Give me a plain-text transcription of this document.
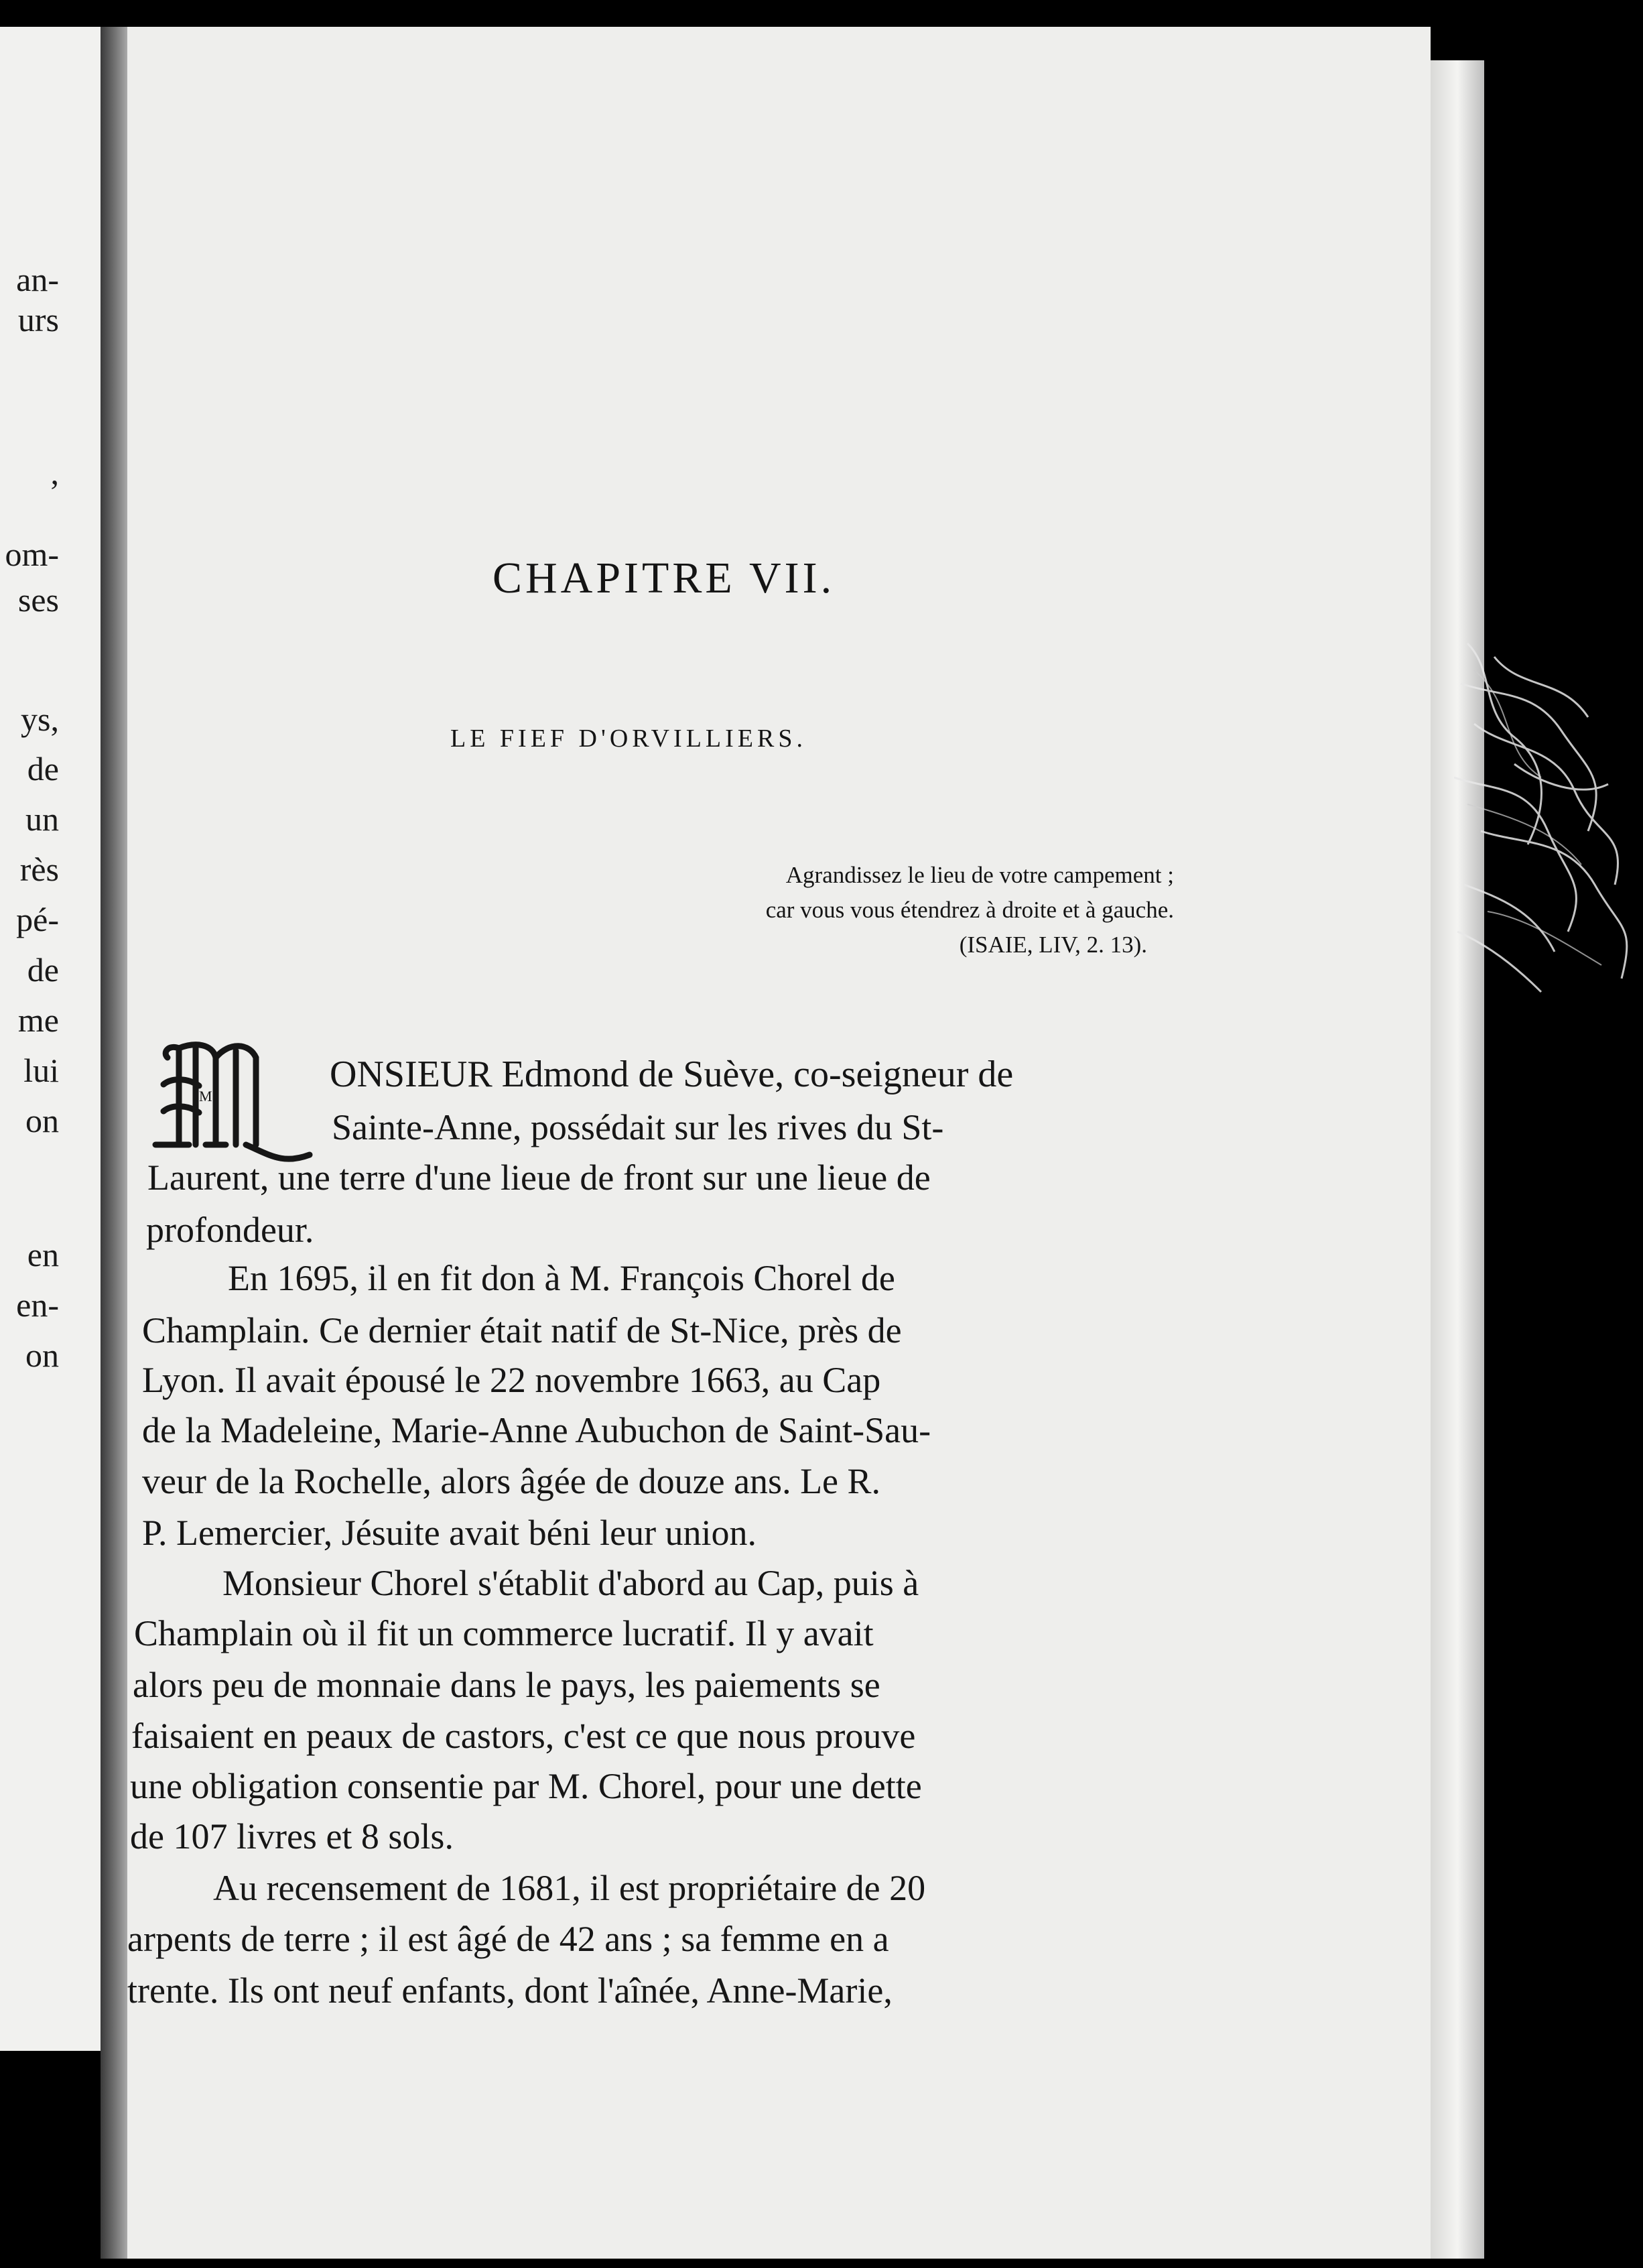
an-
urs
,
om-
ses
ys,
de
un
rès
pé-
de
me
lui
on
en
en-
on
CHAPITRE VII.
LE FIEF D'ORVILLIERS.
Agrandissez le lieu de votre campement ;
car vous vous étendrez à droite et à gauche.
(ISAIE, LIV, 2. 13).
M
ONSIEUR Edmond de Suève, co-seigneur de
Sainte-Anne, possédait sur les rives du St-
Laurent, une terre d'une lieue de front sur une lieue de
profondeur.
En 1695, il en fit don à M. François Chorel de
Champlain. Ce dernier était natif de St-Nice, près de
Lyon. Il avait épousé le 22 novembre 1663, au Cap
de la Madeleine, Marie-Anne Aubuchon de Saint-Sau-
veur de la Rochelle, alors âgée de douze ans. Le R.
P. Lemercier, Jésuite avait béni leur union.
Monsieur Chorel s'établit d'abord au Cap, puis à
Champlain où il fit un commerce lucratif. Il y avait
alors peu de monnaie dans le pays, les paiements se
faisaient en peaux de castors, c'est ce que nous prouve
une obligation consentie par M. Chorel, pour une dette
de 107 livres et 8 sols.
Au recensement de 1681, il est propriétaire de 20
arpents de terre ; il est âgé de 42 ans ; sa femme en a
trente. Ils ont neuf enfants, dont l'aînée, Anne-Marie,
